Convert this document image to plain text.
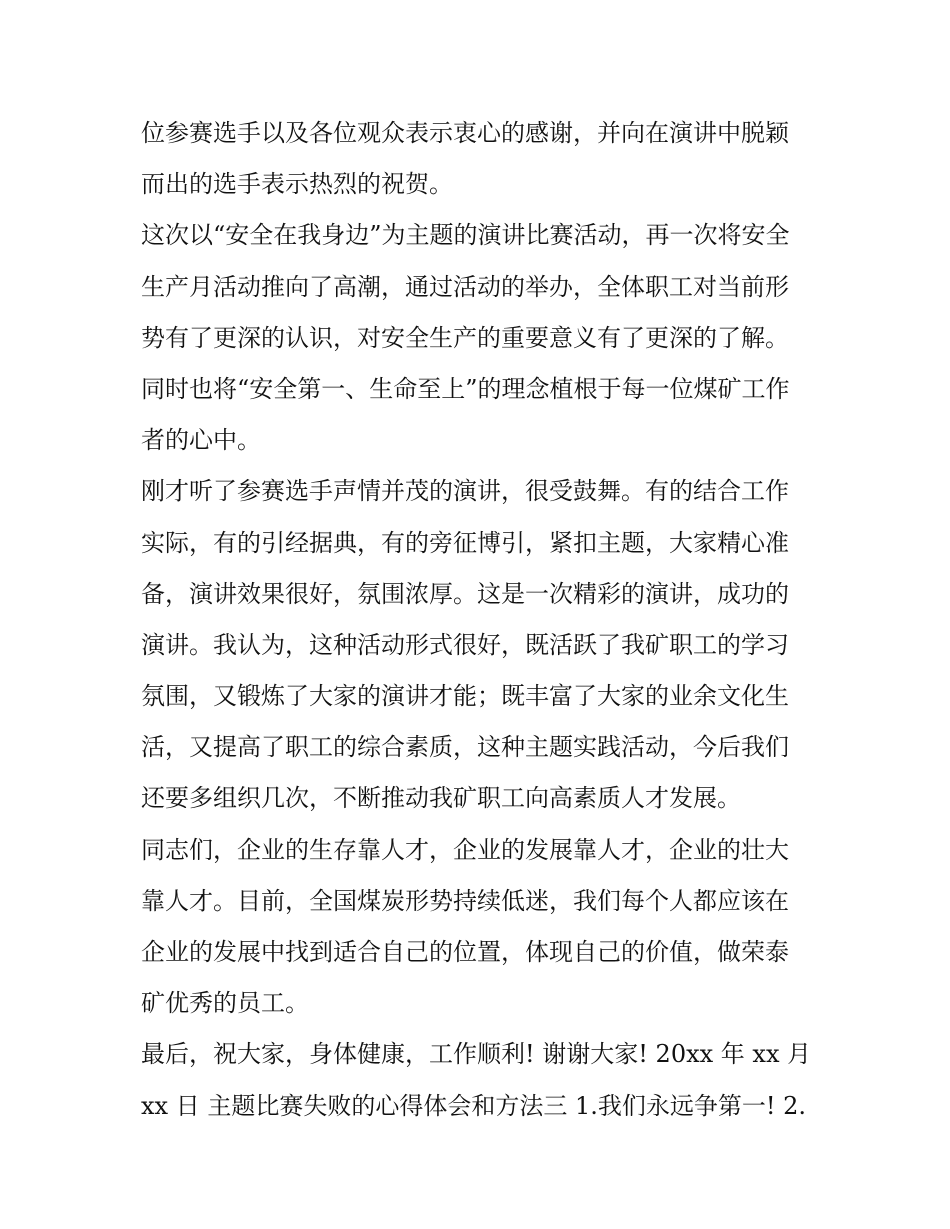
位参赛选手以及各位观众表示衷心的感谢，并向在演讲中脱颖
而出的选手表示热烈的祝贺。
这次以“安全在我身边”为主题的演讲比赛活动，再一次将安全
生产月活动推向了高潮，通过活动的举办，全体职工对当前形
势有了更深的认识，对安全生产的重要意义有了更深的了解。
同时也将“安全第一、生命至上”的理念植根于每一位煤矿工作
者的心中。
刚才听了参赛选手声情并茂的演讲，很受鼓舞。有的结合工作
实际，有的引经据典，有的旁征博引，紧扣主题，大家精心准
备，演讲效果很好，氛围浓厚。这是一次精彩的演讲，成功的
演讲。我认为，这种活动形式很好，既活跃了我矿职工的学习
氛围，又锻炼了大家的演讲才能；既丰富了大家的业余文化生
活，又提高了职工的综合素质，这种主题实践活动，今后我们
还要多组织几次，不断推动我矿职工向高素质人才发展。
同志们，企业的生存靠人才，企业的发展靠人才，企业的壮大
靠人才。目前，全国煤炭形势持续低迷，我们每个人都应该在
企业的发展中找到适合自己的位置，体现自己的价值，做荣泰
矿优秀的员工。
最后，祝大家，身体健康，工作顺利! 谢谢大家! 20xx 年 xx 月
xx 日 主题比赛失败的心得体会和方法三 1.我们永远争第一! 2.
